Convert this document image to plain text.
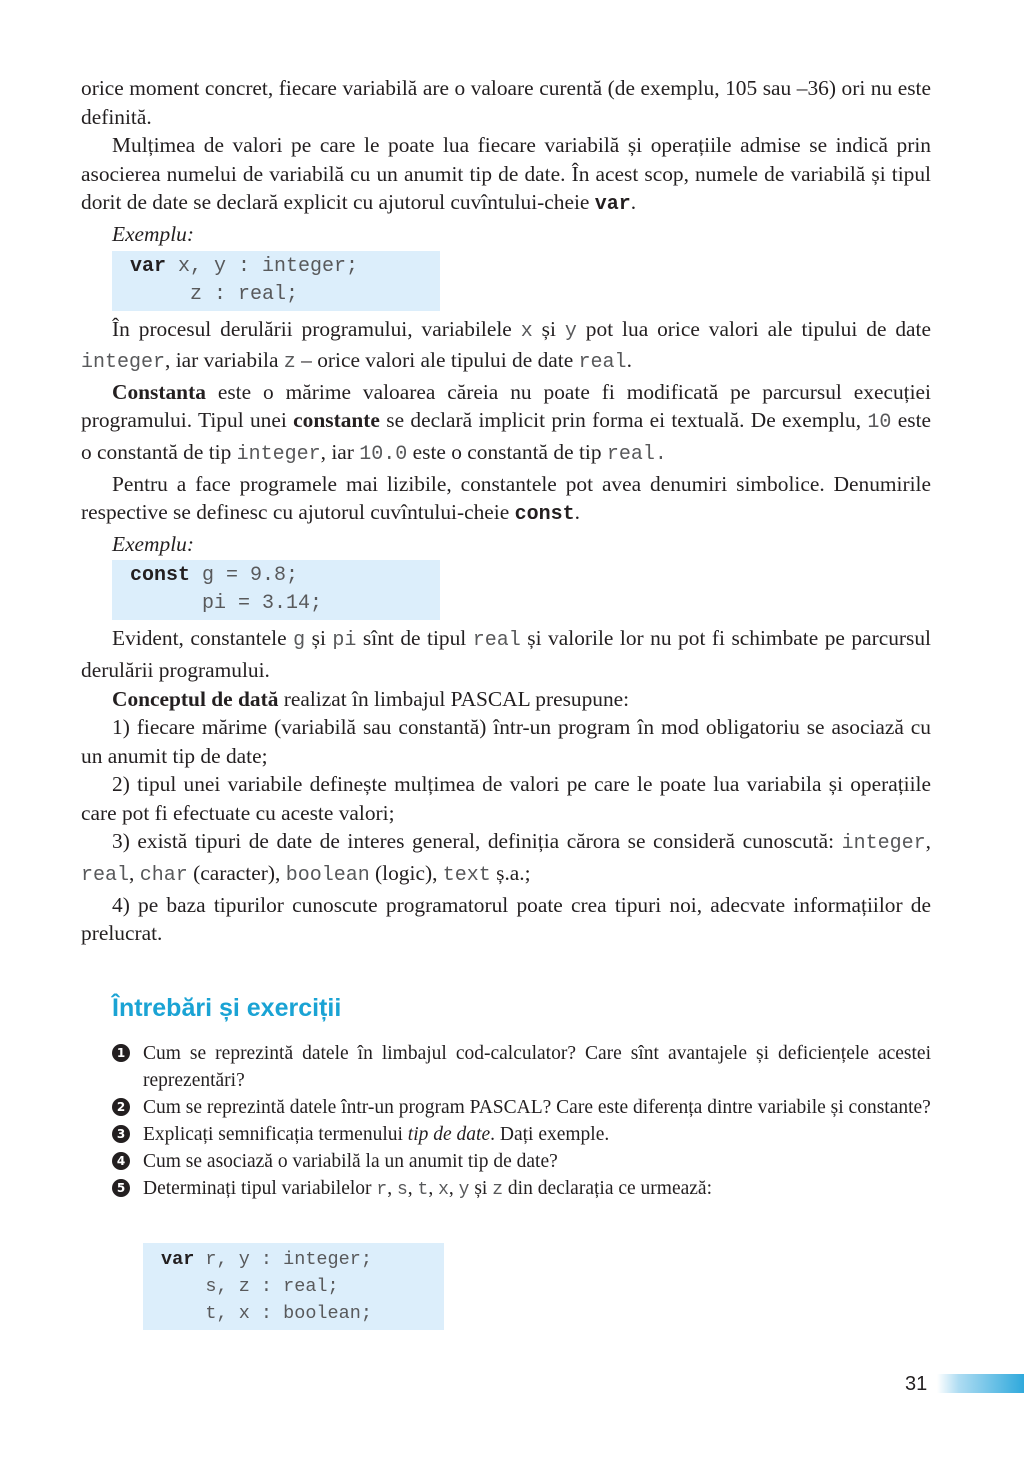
orice moment concret, fiecare variabilă are o valoare curentă (de exemplu, 105 sau –36) ori nu este definită.

Mulțimea de valori pe care le poate lua fiecare variabilă și operațiile admise se indică prin asocierea numelui de variabilă cu un anumit tip de date. În acest scop, numele de variabilă și tipul dorit de date se declară explicit cu ajutorul cuvîntului-cheie var.

Exemplu:

var x, y : integer;
z : real;

În procesul derulării programului, variabilele x și y pot lua orice valori ale tipului de date integer, iar variabila z – orice valori ale tipului de date real.

Constanta este o mărime valoarea căreia nu poate fi modificată pe parcursul execuției programului. Tipul unei constante se declară implicit prin forma ei textuală. De exemplu, 10 este o constantă de tip integer, iar 10.0 este o constantă de tip real.

Pentru a face programele mai lizibile, constantele pot avea denumiri simbolice. Denumirile respective se definesc cu ajutorul cuvîntului-cheie const.

Exemplu:

const g = 9.8;
pi = 3.14;

Evident, constantele g și pi sînt de tipul real și valorile lor nu pot fi schimbate pe parcursul derulării programului.

Conceptul de dată realizat în limbajul PASCAL presupune:

1) fiecare mărime (variabilă sau constantă) într-un program în mod obligatoriu se asociază cu un anumit tip de date;

2) tipul unei variabile definește mulțimea de valori pe care le poate lua variabila și operațiile care pot fi efectuate cu aceste valori;

3) există tipuri de date de interes general, definiția cărora se consideră cunoscută: integer, real, char (caracter), boolean (logic), text ș.a.;

4) pe baza tipurilor cunoscute programatorul poate crea tipuri noi, adecvate informațiilor de prelucrat.

Întrebări și exerciții
1 Cum se reprezintă datele în limbajul cod-calculator? Care sînt avantajele și deficiențele acestei reprezentări?
2 Cum se reprezintă datele într-un program PASCAL? Care este diferența dintre variabile și constante?
3 Explicați semnificația termenului tip de date. Dați exemple.
4 Cum se asociază o variabilă la un anumit tip de date?
5 Determinați tipul variabilelor r, s, t, x, y și z din declarația ce urmează:
var r, y : integer;
s, z : real;
t, x : boolean;
31
